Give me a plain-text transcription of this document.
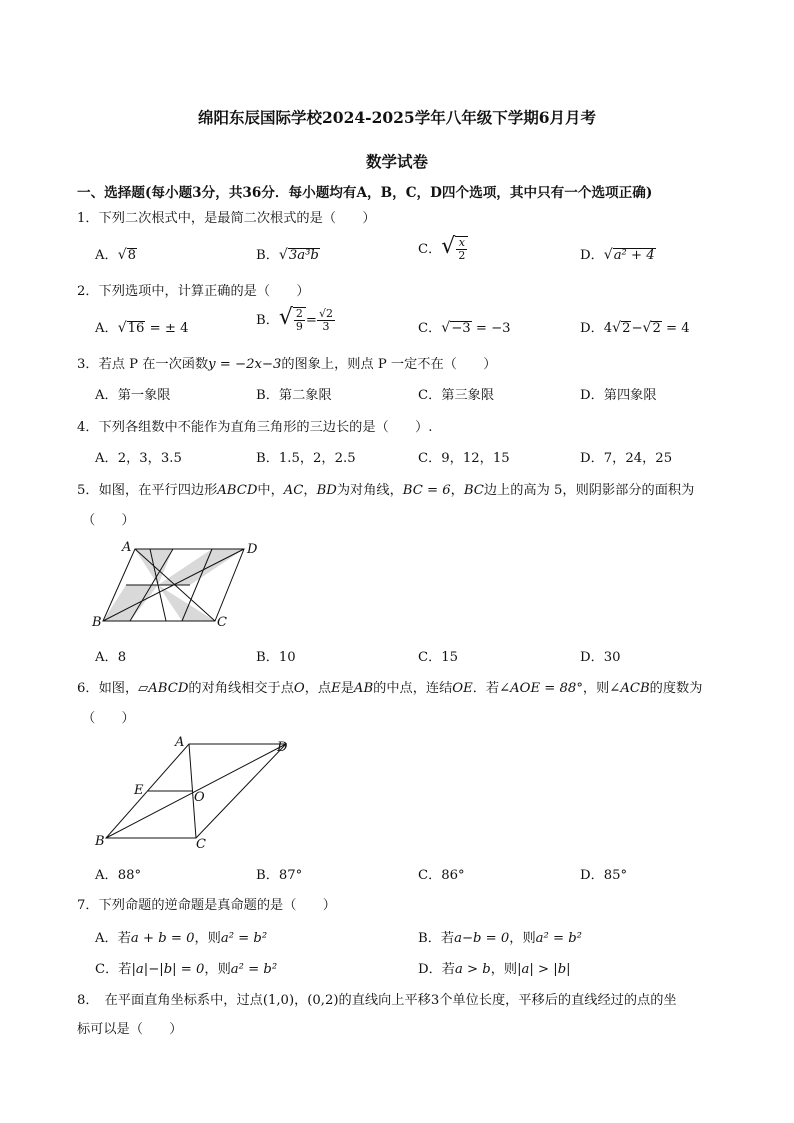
绵阳东辰国际学校2024-2025学年八年级下学期6月月考
数学试卷
一、选择题(每小题3分，共36分．每小题均有A，B，C，D四个选项，其中只有一个选项正确)
1．下列二次根式中，是最简二次根式的是（　　）
A．√8	B．√3a³b	C．√ $\frac{x}{2}$	D．√a² + 4
2．下列选项中，计算正确的是（　　）
A．√16 = ± 4
B．√ $\frac{2}{9} = \frac{√2}{3}$	C．√−3 = −3	D．4√2−√2 = 4
3．若点 P 在一次函数y = −2x−3的图象上，则点 P 一定不在（　　）
A．第一象限	B．第二象限	C．第三象限	D．第四象限
4．下列各组数中不能作为直角三角形的三边长的是（　　）.
A．2，3，3.5	B．1.5，2，2.5	C．9，12，15	D．7，24，25
5．如图，在平行四边形ABCD中，AC，BD为对角线，BC = 6，BC边上的高为 5，则阴影部分的面积为
（　　）
A	D
B	C
A．8	B．10	C．15	D．30
6．如图，▱ABCD的对角线相交于点O，点E是AB的中点，连结OE．若∠AOE = 88°，则∠ACB的度数为
（　　）
A	D
E	O
B	C
A．88°	B．87°	C．86°	D．85°
7．下列命题的逆命题是真命题的是（　　）
A．若a + b = 0，则a² = b²	B．若a−b = 0，则a² = b²
C．若|a|−|b| = 0，则a² = b²	D．若a > b，则|a| > |b|
8． 在平面直角坐标系中，过点(1,0)，(0,2)的直线向上平移3个单位长度，平移后的直线经过的点的坐
标可以是（　　）
